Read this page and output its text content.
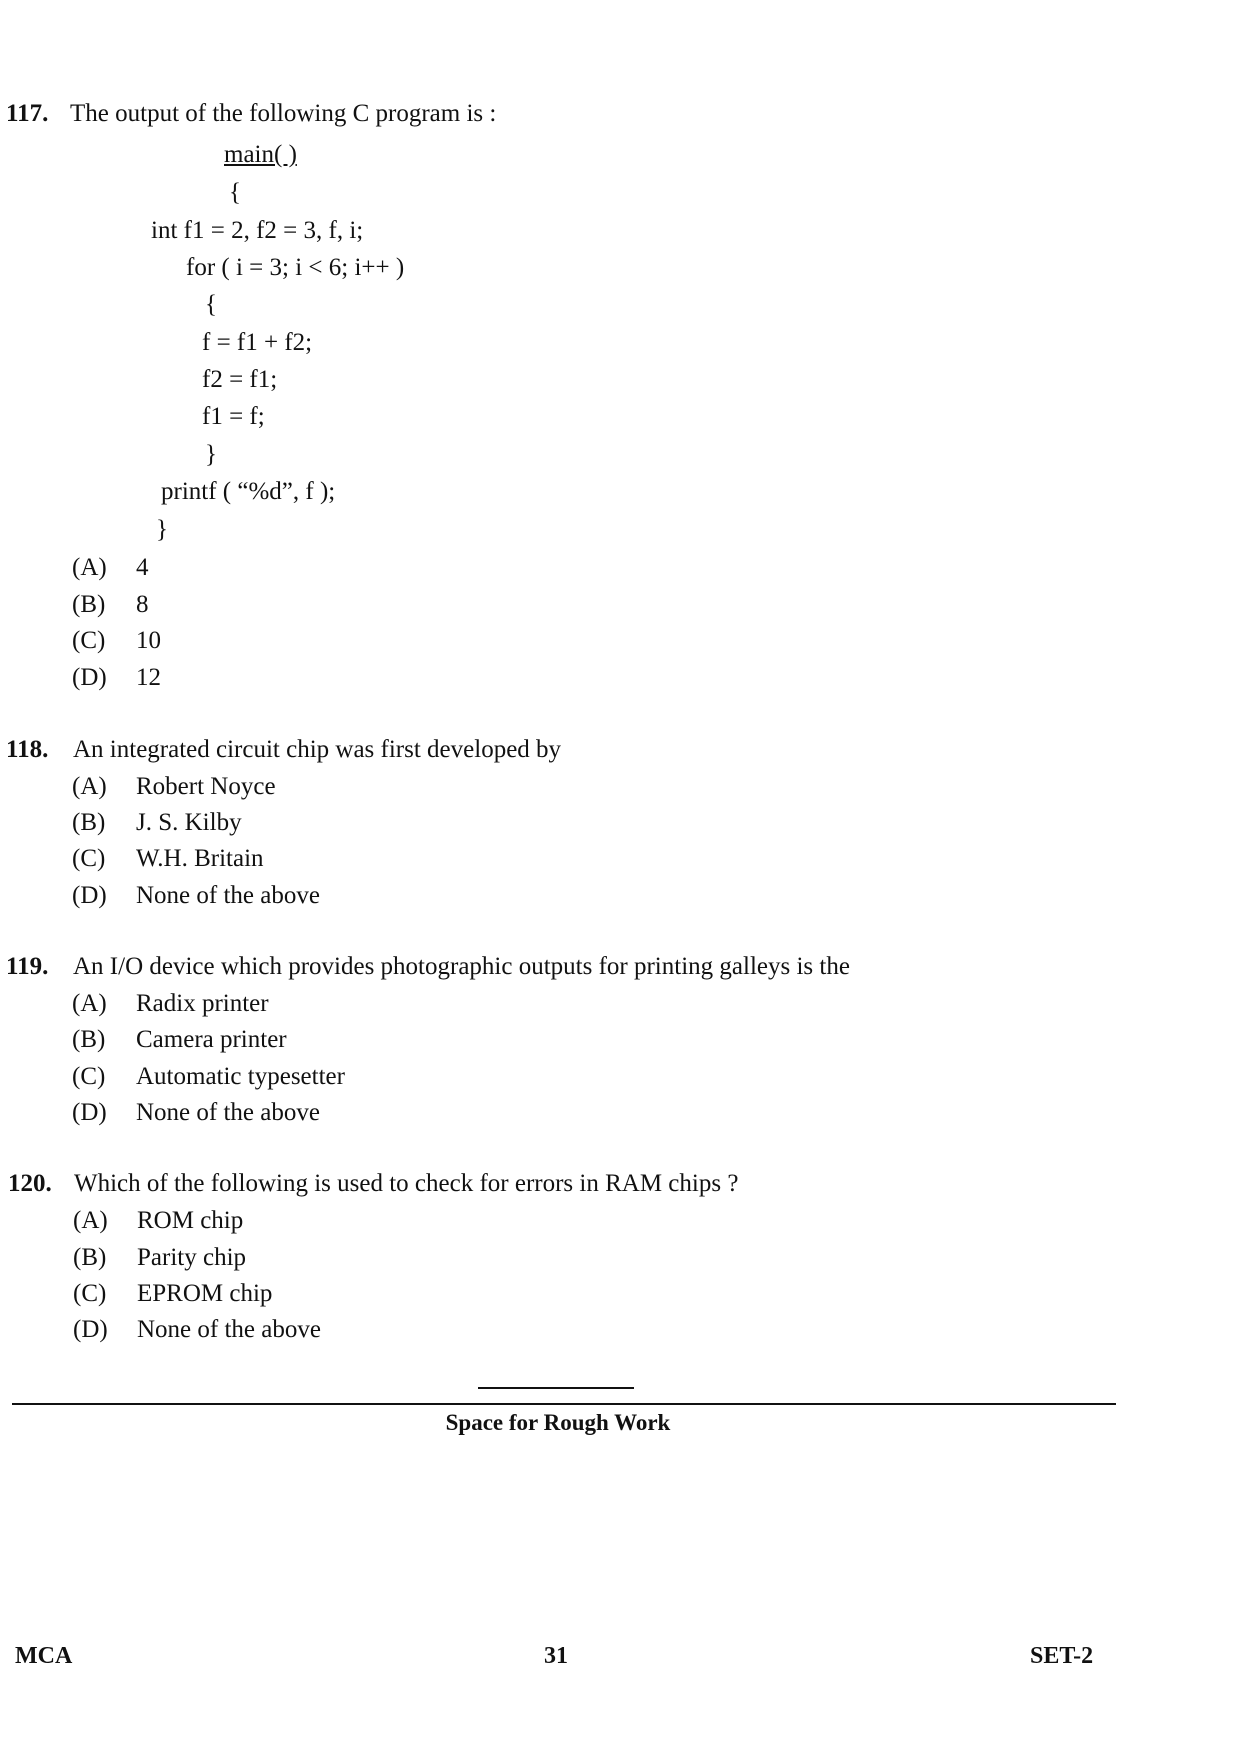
117. The output of the following C program is :
main( )
{
int f1 = 2, f2 = 3, f, i;
for ( i = 3; i < 6; i++ )
{
f = f1 + f2;
f2 = f1;
f1 = f;
}
printf ( “%d”, f );
}
(A) 4
(B) 8
(C) 10
(D) 12
118. An integrated circuit chip was first developed by
(A) Robert Noyce
(B) J. S. Kilby
(C) W.H. Britain
(D) None of the above
119. An I/O device which provides photographic outputs for printing galleys is the
(A) Radix printer
(B) Camera printer
(C) Automatic typesetter
(D) None of the above
120. Which of the following is used to check for errors in RAM chips ?
(A) ROM chip
(B) Parity chip
(C) EPROM chip
(D) None of the above
Space for Rough Work
MCA	31	SET-2
